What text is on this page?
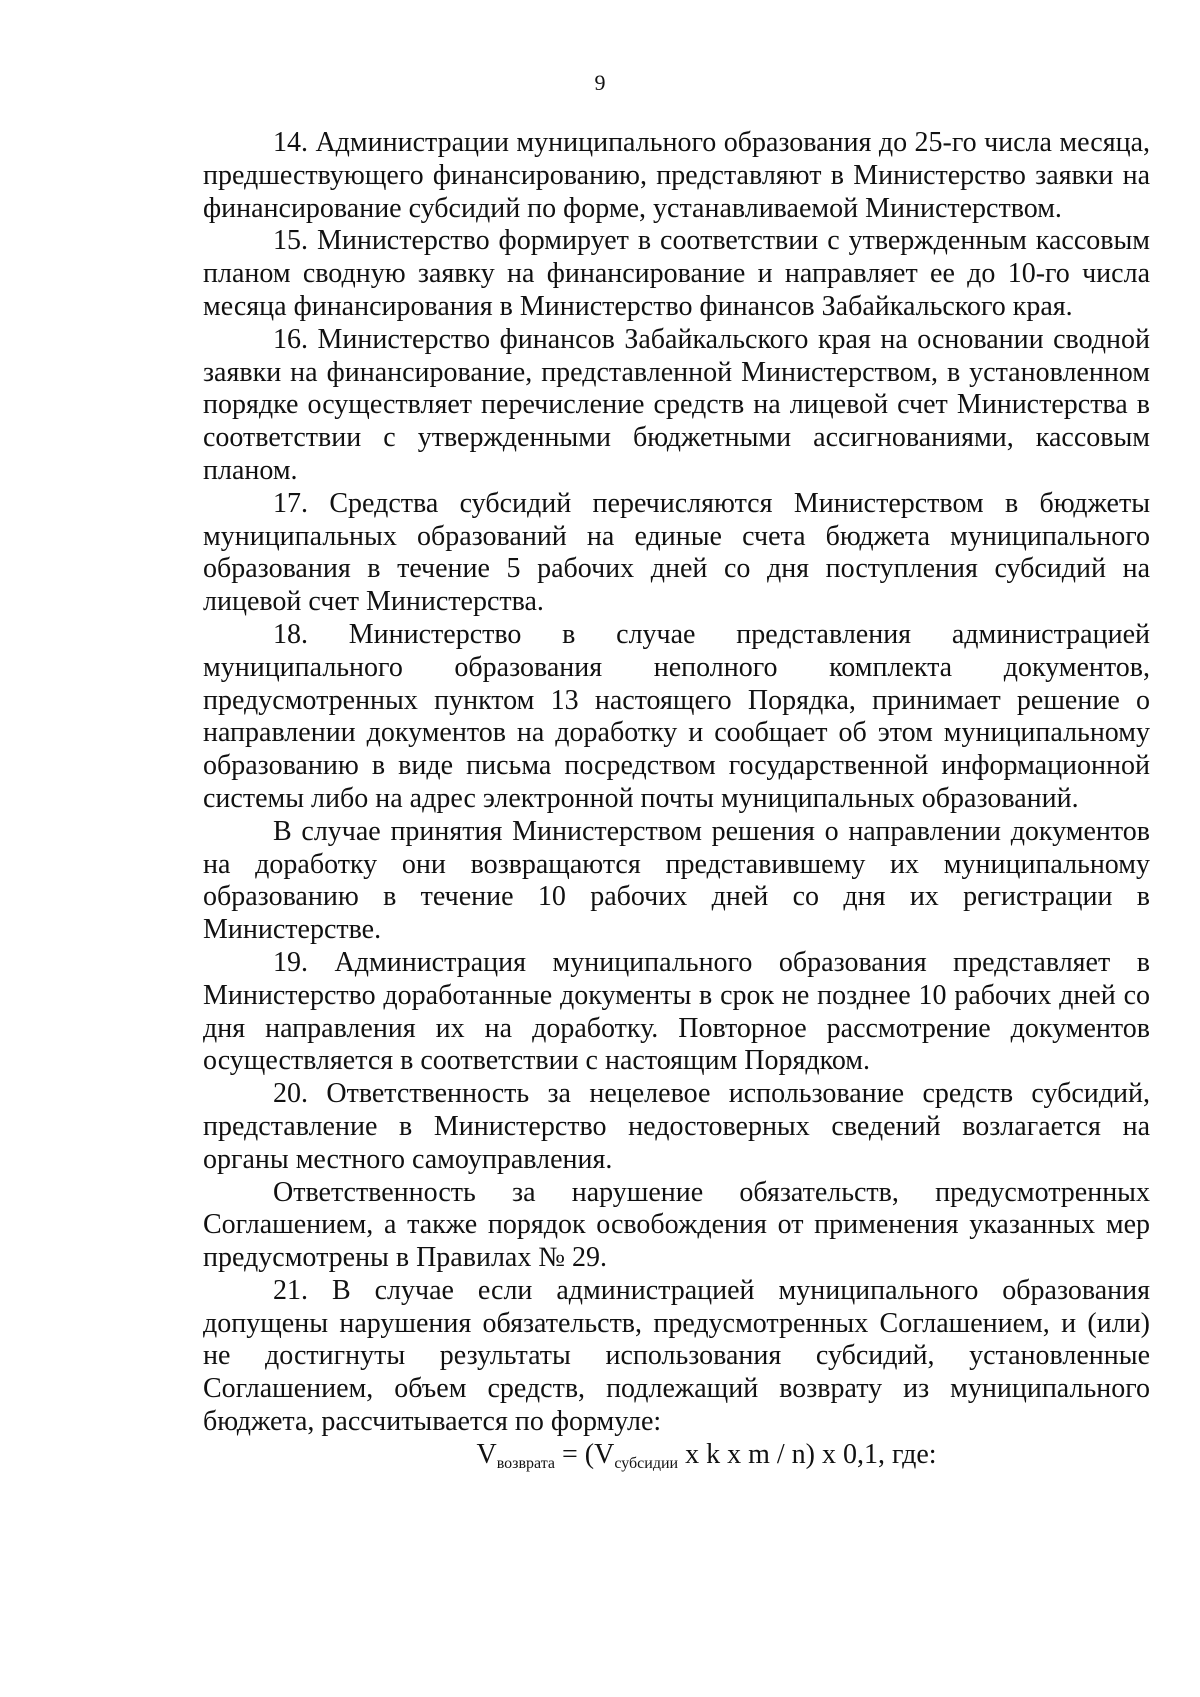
9

14. Администрации муниципального образования до 25-го числа месяца, предшествующего финансированию, представляют в Министерство заявки на финансирование субсидий по форме, устанавливаемой Министерством.

15. Министерство формирует в соответствии с утвержденным кассовым планом сводную заявку на финансирование и направляет ее до 10-го числа месяца финансирования в Министерство финансов Забайкальского края.

16. Министерство финансов Забайкальского края на основании сводной заявки на финансирование, представленной Министерством, в установленном порядке осуществляет перечисление средств на лицевой счет Министерства в соответствии с утвержденными бюджетными ассигнованиями, кассовым планом.

17. Средства субсидий перечисляются Министерством в бюджеты муниципальных образований на единые счета бюджета муниципального образования в течение 5 рабочих дней со дня поступления субсидий на лицевой счет Министерства.

18. Министерство в случае представления администрацией муниципального образования неполного комплекта документов, предусмотренных пунктом 13 настоящего Порядка, принимает решение о направлении документов на доработку и сообщает об этом муниципальному образованию в виде письма посредством государственной информационной системы либо на адрес электронной почты муниципальных образований.

В случае принятия Министерством решения о направлении документов на доработку они возвращаются представившему их муниципальному образованию в течение 10 рабочих дней со дня их регистрации в Министерстве.

19. Администрация муниципального образования представляет в Министерство доработанные документы в срок не позднее 10 рабочих дней со дня направления их на доработку. Повторное рассмотрение документов осуществляется в соответствии с настоящим Порядком.

20. Ответственность за нецелевое использование средств субсидий, представление в Министерство недостоверных сведений возлагается на органы местного самоуправления.

Ответственность за нарушение обязательств, предусмотренных Соглашением, а также порядок освобождения от применения указанных мер предусмотрены в Правилах № 29.

21. В случае если администрацией муниципального образования допущены нарушения обязательств, предусмотренных Соглашением, и (или) не достигнуты результаты использования субсидий, установленные Соглашением, объем средств, подлежащий возврату из муниципального бюджета, рассчитывается по формуле:

$V_{возврата} = (V_{субсидии}$ x k x m / n) x 0,1, где:
